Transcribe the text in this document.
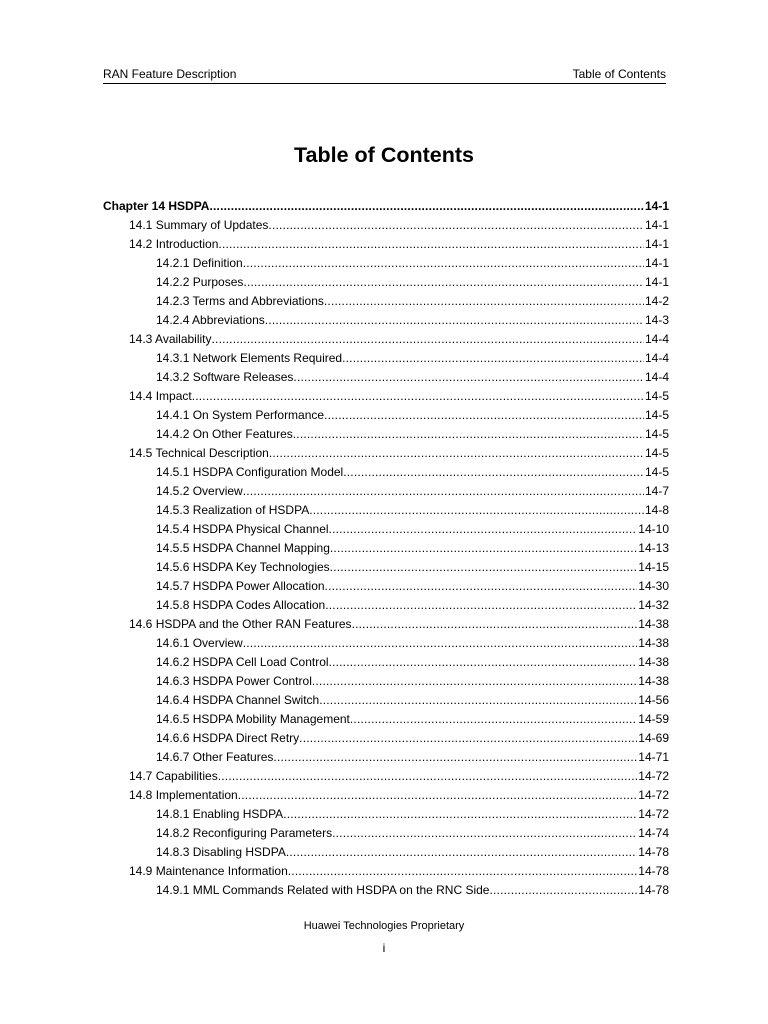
RAN Feature Description	Table of Contents
Table of Contents
Chapter 14 HSDPA .....	14-1
14.1 Summary of Updates .....	14-1
14.2 Introduction .....	14-1
14.2.1 Definition .....	14-1
14.2.2 Purposes .....	14-1
14.2.3 Terms and Abbreviations .....	14-2
14.2.4 Abbreviations .....	14-3
14.3 Availability .....	14-4
14.3.1 Network Elements Required .....	14-4
14.3.2 Software Releases .....	14-4
14.4 Impact .....	14-5
14.4.1 On System Performance .....	14-5
14.4.2 On Other Features .....	14-5
14.5 Technical Description .....	14-5
14.5.1 HSDPA Configuration Model .....	14-5
14.5.2 Overview .....	14-7
14.5.3 Realization of HSDPA .....	14-8
14.5.4 HSDPA Physical Channel .....	14-10
14.5.5 HSDPA Channel Mapping .....	14-13
14.5.6 HSDPA Key Technologies .....	14-15
14.5.7 HSDPA Power Allocation .....	14-30
14.5.8 HSDPA Codes Allocation .....	14-32
14.6 HSDPA and the Other RAN Features .....	14-38
14.6.1 Overview .....	14-38
14.6.2 HSDPA Cell Load Control .....	14-38
14.6.3 HSDPA Power Control .....	14-38
14.6.4 HSDPA Channel Switch .....	14-56
14.6.5 HSDPA Mobility Management .....	14-59
14.6.6 HSDPA Direct Retry .....	14-69
14.6.7 Other Features .....	14-71
14.7 Capabilities .....	14-72
14.8 Implementation .....	14-72
14.8.1 Enabling HSDPA .....	14-72
14.8.2 Reconfiguring Parameters .....	14-74
14.8.3 Disabling HSDPA .....	14-78
14.9 Maintenance Information .....	14-78
14.9.1 MML Commands Related with HSDPA on the RNC Side .....	14-78
Huawei Technologies Proprietary
i
